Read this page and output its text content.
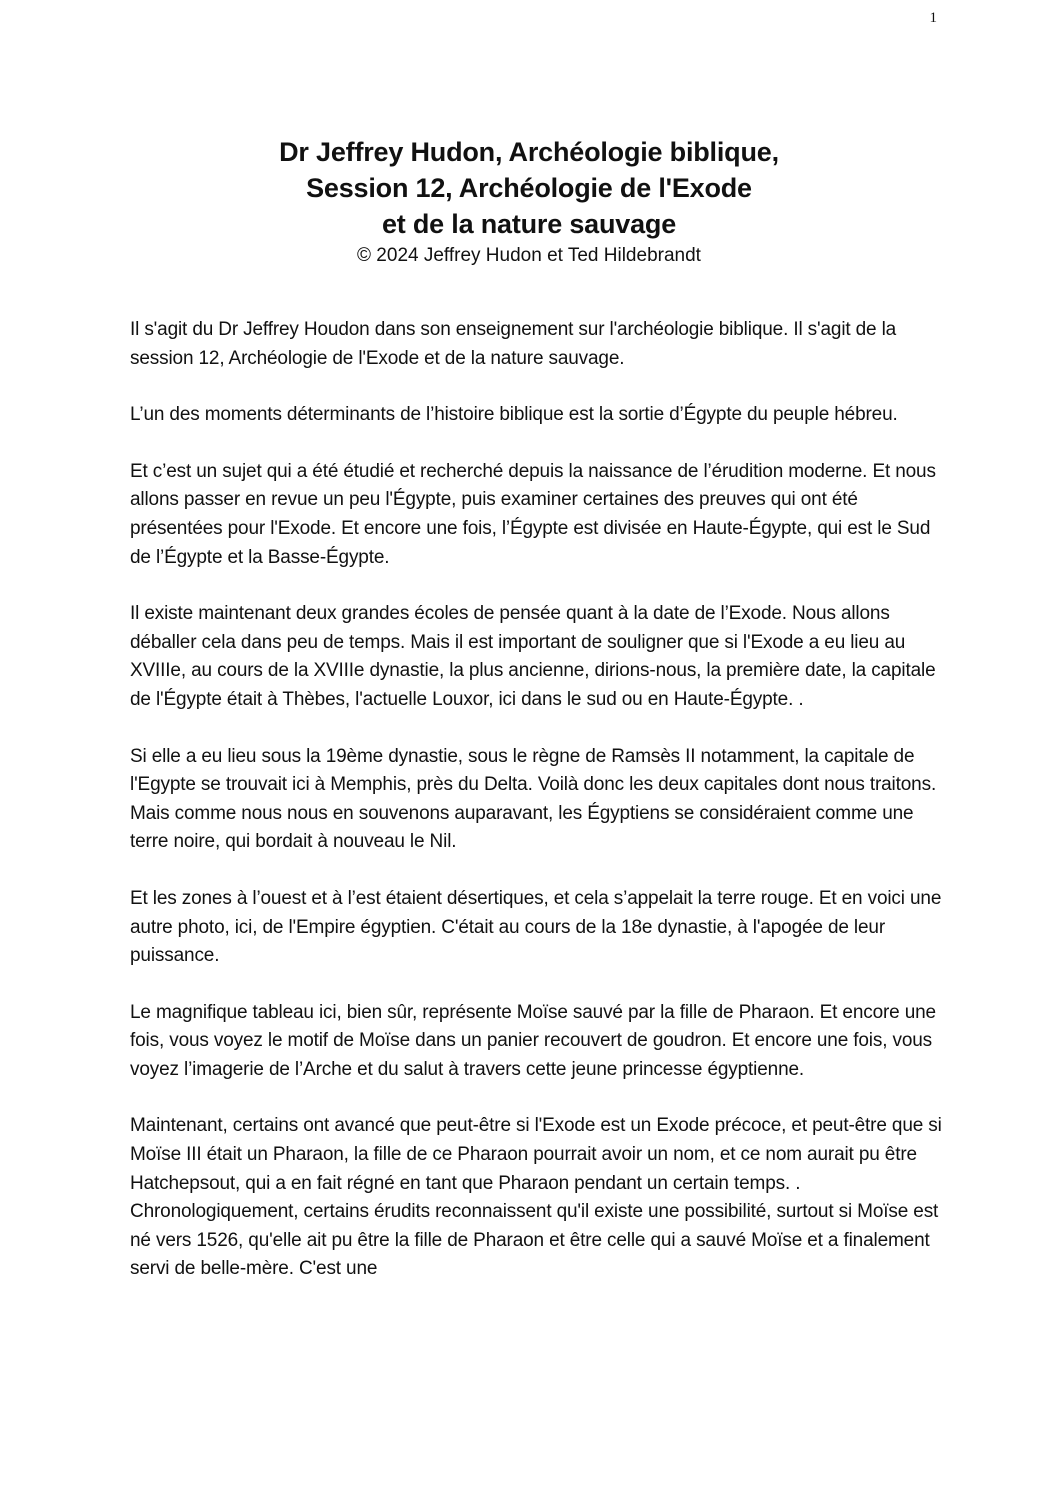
1
Dr Jeffrey Hudon, Archéologie biblique,
Session 12, Archéologie de l'Exode
et de la nature sauvage
© 2024 Jeffrey Hudon et Ted Hildebrandt

Il s'agit du Dr Jeffrey Houdon dans son enseignement sur l'archéologie biblique. Il s'agit de la session 12, Archéologie de l'Exode et de la nature sauvage.

L’un des moments déterminants de l’histoire biblique est la sortie d’Égypte du peuple hébreu.

Et c’est un sujet qui a été étudié et recherché depuis la naissance de l’érudition moderne. Et nous allons passer en revue un peu l'Égypte, puis examiner certaines des preuves qui ont été présentées pour l'Exode. Et encore une fois, l’Égypte est divisée en Haute-Égypte, qui est le Sud de l’Égypte et la Basse-Égypte.

Il existe maintenant deux grandes écoles de pensée quant à la date de l’Exode. Nous allons déballer cela dans peu de temps. Mais il est important de souligner que si l'Exode a eu lieu au XVIIIe, au cours de la XVIIIe dynastie, la plus ancienne, dirions-nous, la première date, la capitale de l'Égypte était à Thèbes, l'actuelle Louxor, ici dans le sud ou en Haute-Égypte. .

Si elle a eu lieu sous la 19ème dynastie, sous le règne de Ramsès II notamment, la capitale de l'Egypte se trouvait ici à Memphis, près du Delta. Voilà donc les deux capitales dont nous traitons. Mais comme nous nous en souvenons auparavant, les Égyptiens se considéraient comme une terre noire, qui bordait à nouveau le Nil.

Et les zones à l’ouest et à l’est étaient désertiques, et cela s’appelait la terre rouge. Et en voici une autre photo, ici, de l'Empire égyptien. C'était au cours de la 18e dynastie, à l'apogée de leur puissance.

Le magnifique tableau ici, bien sûr, représente Moïse sauvé par la fille de Pharaon. Et encore une fois, vous voyez le motif de Moïse dans un panier recouvert de goudron. Et encore une fois, vous voyez l’imagerie de l’Arche et du salut à travers cette jeune princesse égyptienne.

Maintenant, certains ont avancé que peut-être si l'Exode est un Exode précoce, et peut-être que si Moïse III était un Pharaon, la fille de ce Pharaon pourrait avoir un nom, et ce nom aurait pu être Hatchepsout, qui a en fait régné en tant que Pharaon pendant un certain temps. . Chronologiquement, certains érudits reconnaissent qu'il existe une possibilité, surtout si Moïse est né vers 1526, qu'elle ait pu être la fille de Pharaon et être celle qui a sauvé Moïse et a finalement servi de belle-mère. C'est une
